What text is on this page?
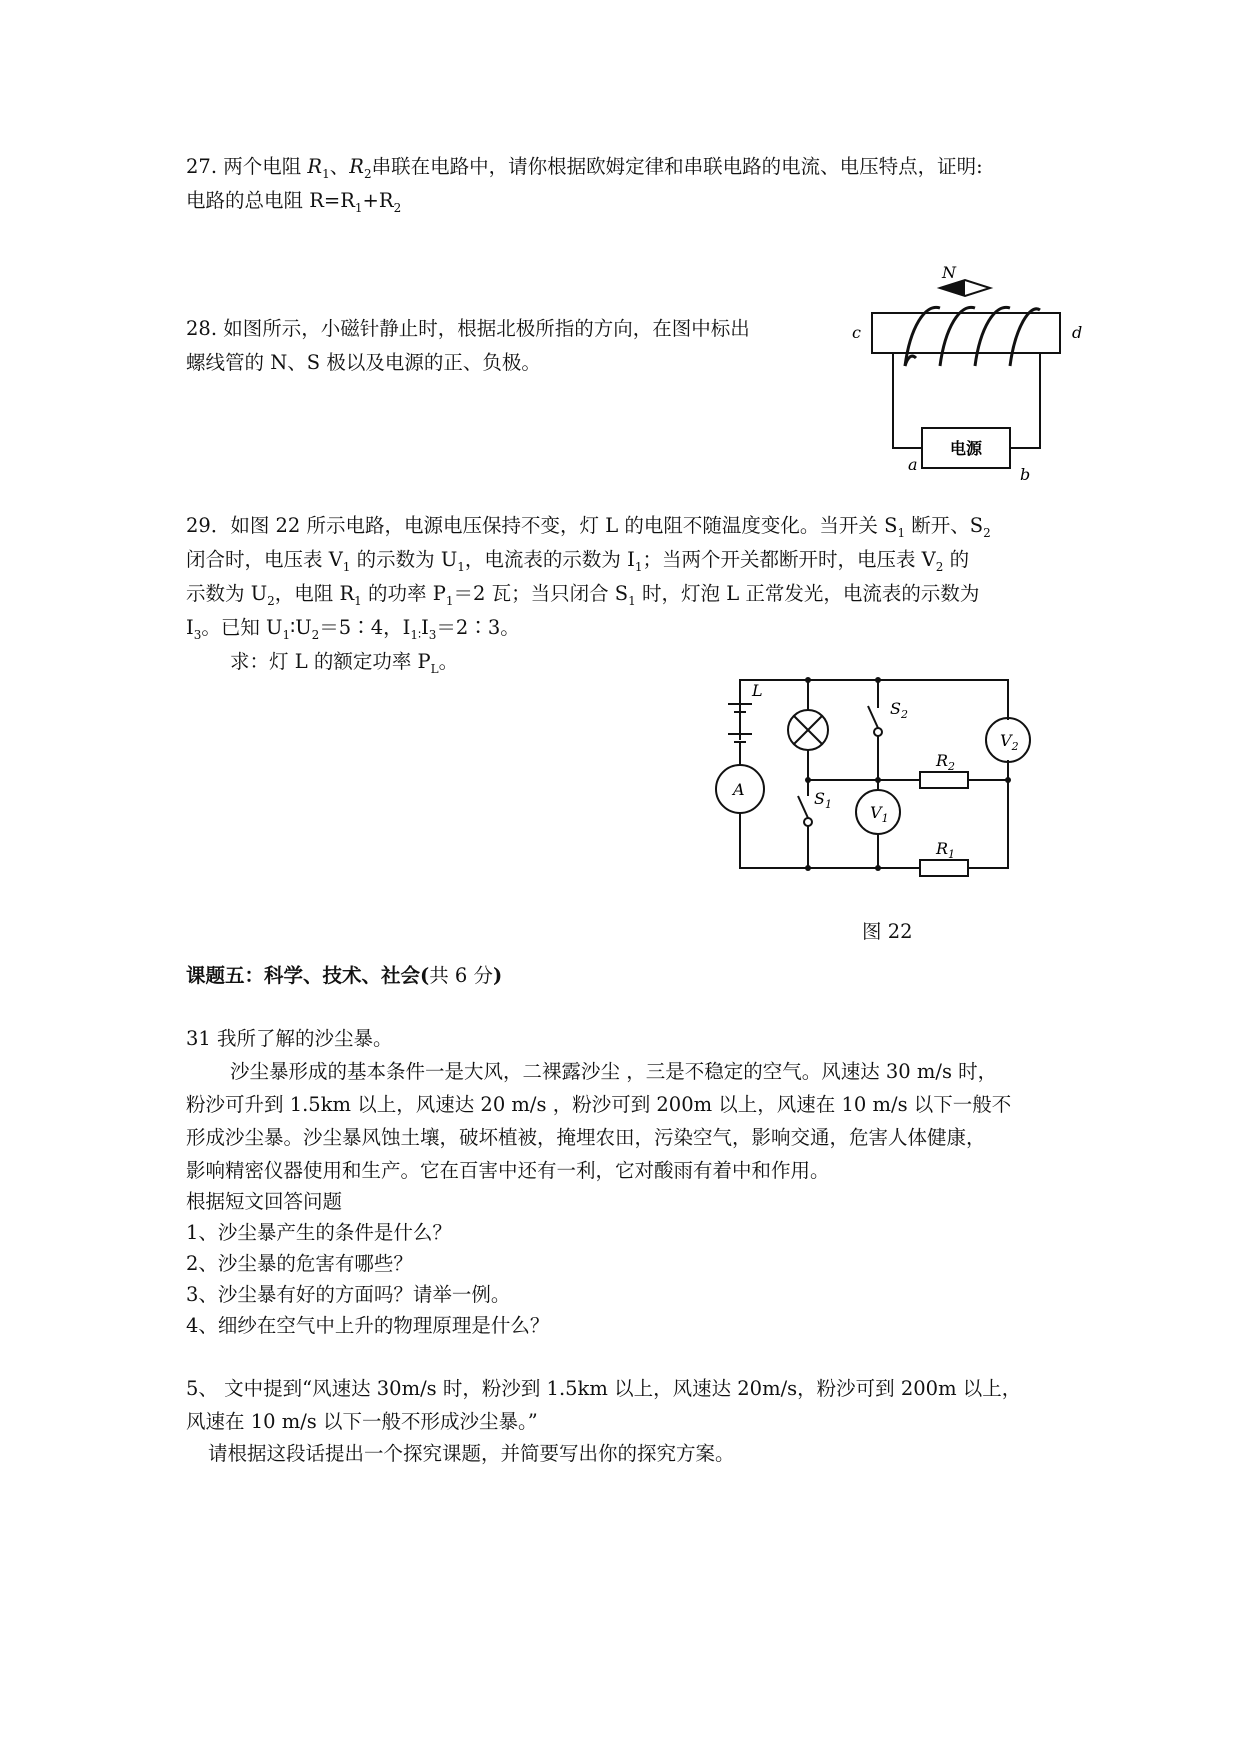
27. 两个电阻 $R_1$、$R_2$串联在电路中，请你根据欧姆定律和串联电路的电流、电压特点，证明:
电路的总电阻 $R=R_1+R_2$
28. 如图所示，小磁针静止时，根据北极所指的方向，在图中标出
螺线管的 N、S 极以及电源的正、负极。
N
c	d
电源
a
b
29．如图 22 所示电路，电源电压保持不变，灯 L 的电阻不随温度变化。当开关 $S_1$ 断开、$S_2$
闭合时，电压表 $V_1$ 的示数为 $U_1$，电流表的示数为 $I_1$；当两个开关都断开时，电压表 $V_2$ 的
示数为 $U_2$，电阻 $R_1$ 的功率 $P_1=2$ 瓦；当只闭合 $S_1$ 时，灯泡 L 正常发光，电流表的示数为
$I_3$。已知 $U_1∶U_2=5∶4$，$I_{1∶}I_3=2∶3$。
求：灯 L 的额定功率 $P_L$。
L
$S_2$
$V_2$
$R_2$
A	$S_1$ $V_1$
$R_1$
图 22
课题五：科学、技术、社会(共 6 分)
31 我所了解的沙尘暴。
沙尘暴形成的基本条件一是大风，二裸露沙尘 ，三是不稳定的空气。风速达 30 m/s 时，
粉沙可升到 1.5km 以上，风速达 20 m/s ，粉沙可到 200m 以上，风速在 10 m/s 以下一般不
形成沙尘暴。沙尘暴风蚀土壤，破坏植被，掩埋农田，污染空气，影响交通，危害人体健康，
影响精密仪器使用和生产。它在百害中还有一利，它对酸雨有着中和作用。
根据短文回答问题
1、沙尘暴产生的条件是什么？
2、沙尘暴的危害有哪些？
3、沙尘暴有好的方面吗？请举一例。
4、细纱在空气中上升的物理原理是什么？
5、 文中提到“风速达 30m/s 时，粉沙到 1.5km 以上，风速达 20m/s，粉沙可到 200m 以上，
风速在 10 m/s 以下一般不形成沙尘暴。”
请根据这段话提出一个探究课题，并简要写出你的探究方案。
